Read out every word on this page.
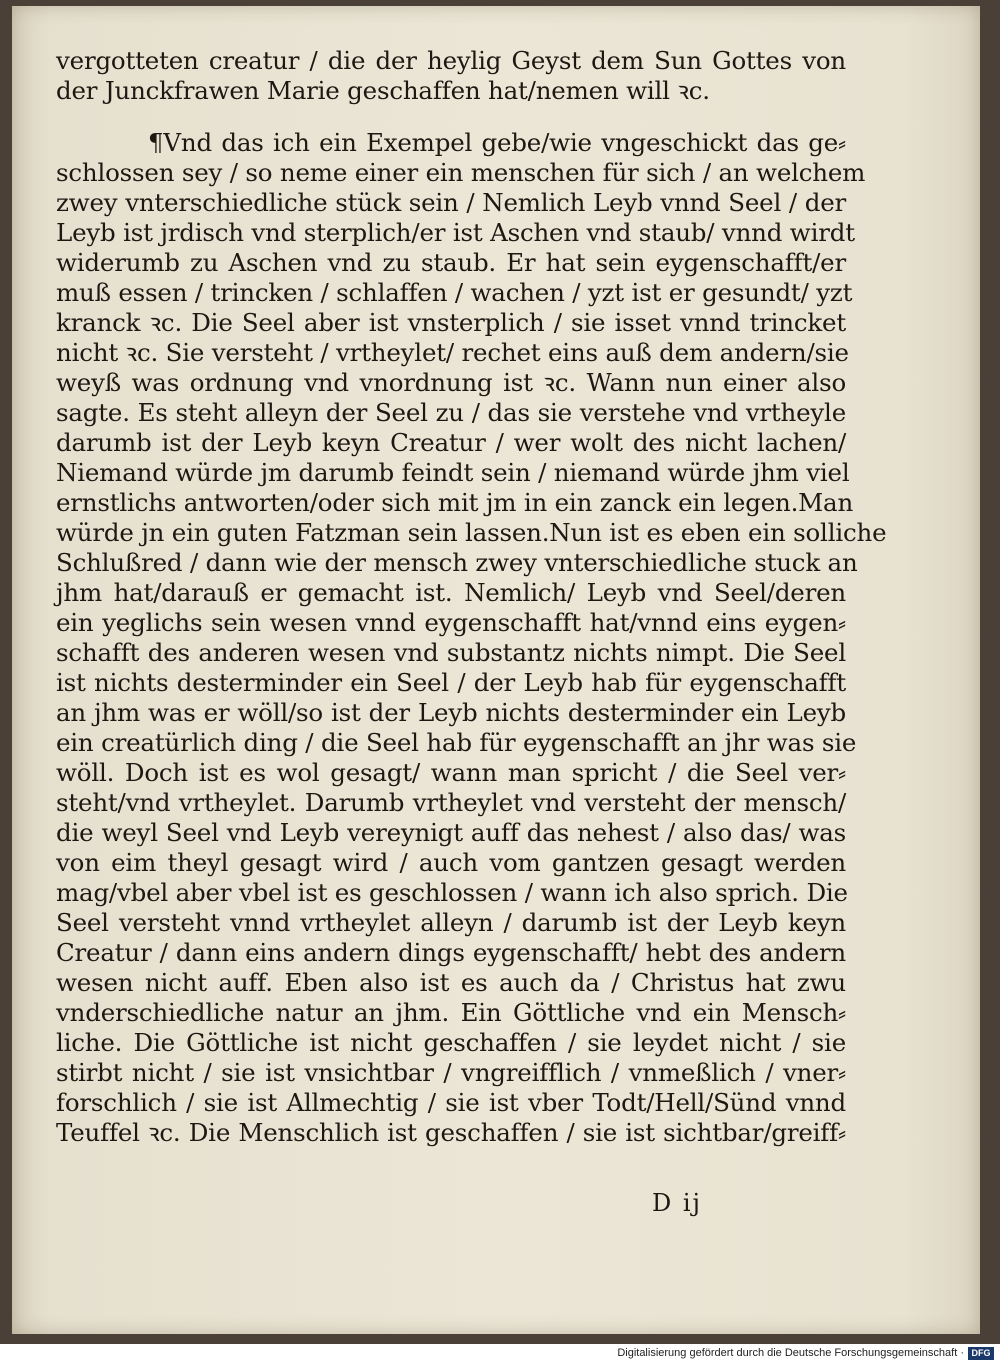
vergotteten creatur / die der heylig Geyst dem Sun Gottes von
der Junckfrawen Marie geschaffen hat/nemen will ꝛc.
¶Vnd das ich ein Exempel gebe/wie vngeschickt das ge⸗
schlossen sey / so neme einer ein menschen für sich / an welchem
zwey vnterschiedliche stück sein / Nemlich Leyb vnnd Seel / der
Leyb ist jrdisch vnd sterplich/er ist Aschen vnd staub/ vnnd wirdt
widerumb zu Aschen vnd zu staub. Er hat sein eygenschafft/er
muß essen / trincken / schlaffen / wachen / yzt ist er gesundt/ yzt
kranck ꝛc. Die Seel aber ist vnsterplich / sie isset vnnd trincket
nicht ꝛc. Sie versteht / vrtheylet/ rechet eins auß dem andern/sie
weyß was ordnung vnd vnordnung ist ꝛc. Wann nun einer also
sagte. Es steht alleyn der Seel zu / das sie verstehe vnd vrtheyle
darumb ist der Leyb keyn Creatur / wer wolt des nicht lachen/
Niemand würde jm darumb feindt sein / niemand würde jhm viel
ernstlichs antworten/oder sich mit jm in ein zanck ein legen.Man
würde jn ein guten Fatzman sein lassen.Nun ist es eben ein solliche
Schlußred / dann wie der mensch zwey vnterschiedliche stuck an
jhm hat/darauß er gemacht ist. Nemlich/ Leyb vnd Seel/deren
ein yeglichs sein wesen vnnd eygenschafft hat/vnnd eins eygen⸗
schafft des anderen wesen vnd substantz nichts nimpt. Die Seel
ist nichts desterminder ein Seel / der Leyb hab für eygenschafft
an jhm was er wöll/so ist der Leyb nichts desterminder ein Leyb
ein creatürlich ding / die Seel hab für eygenschafft an jhr was sie
wöll. Doch ist es wol gesagt/ wann man spricht / die Seel ver⸗
steht/vnd vrtheylet. Darumb vrtheylet vnd versteht der mensch/
die weyl Seel vnd Leyb vereynigt auff das nehest / also das/ was
von eim theyl gesagt wird / auch vom gantzen gesagt werden
mag/vbel aber vbel ist es geschlossen / wann ich also sprich. Die
Seel versteht vnnd vrtheylet alleyn / darumb ist der Leyb keyn
Creatur / dann eins andern dings eygenschafft/ hebt des andern
wesen nicht auff. Eben also ist es auch da / Christus hat zwu
vnderschiedliche natur an jhm. Ein Göttliche vnd ein Mensch⸗
liche. Die Göttliche ist nicht geschaffen / sie leydet nicht / sie
stirbt nicht / sie ist vnsichtbar / vngreifflich / vnmeßlich / vner⸗
forschlich / sie ist Allmechtig / sie ist vber Todt/Hell/Sünd vnnd
Teuffel ꝛc. Die Menschlich ist geschaffen / sie ist sichtbar/greiff⸗
D ij
Digitalisierung gefördert durch die Deutsche Forschungsgemeinschaft · DFG
